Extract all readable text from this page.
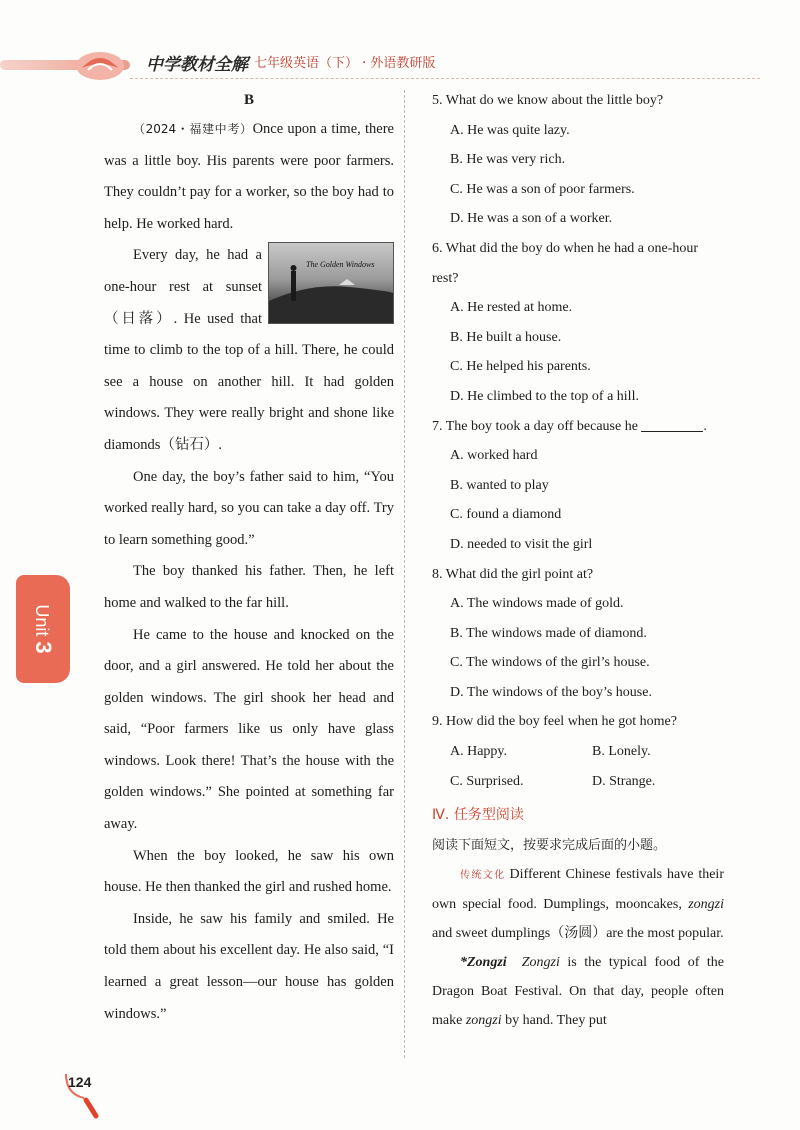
中学教材全解 七年级英语（下） · 外语教研版
B

（2024・福建中考）Once upon a time, there was a little boy. His parents were poor farmers. They couldn’t pay for a worker, so the boy had to help. He worked hard.

The Golden Windows
Every day, he had a one-hour rest at sunset（日落）. He used that time to climb to the top of a hill. There, he could see a house on another hill. It had golden windows. They were really bright and shone like diamonds（钻石）.

One day, the boy’s father said to him, “You worked really hard, so you can take a day off. Try to learn something good.”

The boy thanked his father. Then, he left home and walked to the far hill.

He came to the house and knocked on the door, and a girl answered. He told her about the golden windows. The girl shook her head and said, “Poor farmers like us only have glass windows. Look there! That’s the house with the golden windows.” She pointed at something far away.

When the boy looked, he saw his own house. He then thanked the girl and rushed home.

Inside, he saw his family and smiled. He told them about his excellent day. He also said, “I learned a great lesson—our house has golden windows.”

5. What do we know about the little boy?

A. He was quite lazy.

B. He was very rich.

C. He was a son of poor farmers.

D. He was a son of a worker.

6. What did the boy do when he had a one-hour rest?

A. He rested at home.

B. He built a house.

C. He helped his parents.

D. He climbed to the top of a hill.

7. The boy took a day off because he	.

A. worked hard

B. wanted to play

C. found a diamond

D. needed to visit the girl

8. What did the girl point at?

A. The windows made of gold.

B. The windows made of diamond.

C. The windows of the girl’s house.

D. The windows of the boy’s house.

9. How did the boy feel when he got home?

A. Happy.	B. Lonely.
C. Surprised.	D. Strange.
Ⅳ. 任务型阅读
阅读下面短文，按要求完成后面的小题。

传统文化 Different Chinese festivals have their own special food. Dumplings, mooncakes, zongzi and sweet dumplings（汤圆）are the most popular.

*Zongzi Zongzi is the typical food of the Dragon Boat Festival. On that day, people often make zongzi by hand. They put

Unit 3
124
